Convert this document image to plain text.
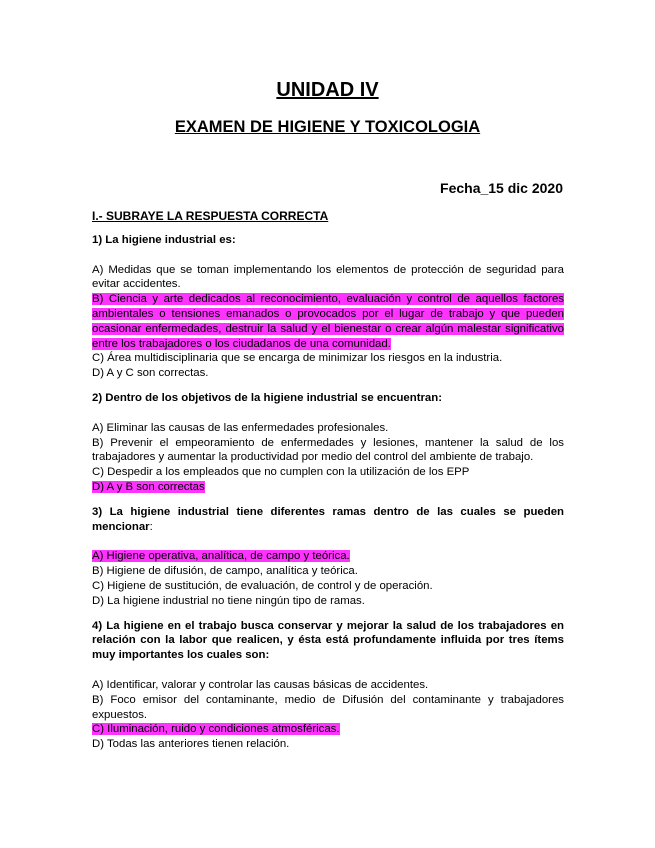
UNIDAD IV
EXAMEN DE HIGIENE Y TOXICOLOGIA
Fecha_15 dic 2020
I.- SUBRAYE LA RESPUESTA CORRECTA
1) La higiene industrial es:
A) Medidas que se toman implementando los elementos de protección de seguridad para evitar accidentes.
B) Ciencia y arte dedicados al reconocimiento, evaluación y control de aquellos factores ambientales o tensiones emanados o provocados por el lugar de trabajo y que pueden ocasionar enfermedades, destruir la salud y el bienestar o crear algún malestar significativo entre los trabajadores o los ciudadanos de una comunidad.
C) Área multidisciplinaria que se encarga de minimizar los riesgos en la industria.
D) A y C son correctas.
2) Dentro de los objetivos de la higiene industrial se encuentran:
A) Eliminar las causas de las enfermedades profesionales.
B) Prevenir el empeoramiento de enfermedades y lesiones, mantener la salud de los trabajadores y aumentar la productividad por medio del control del ambiente de trabajo.
C) Despedir a los empleados que no cumplen con la utilización de los EPP
D) A y B son correctas
3) La higiene industrial tiene diferentes ramas dentro de las cuales se pueden mencionar:
A) Higiene operativa, analítica, de campo y teórica.
B) Higiene de difusión, de campo, analítica y teórica.
C) Higiene de sustitución, de evaluación, de control y de operación.
D) La higiene industrial no tiene ningún tipo de ramas.
4) La higiene en el trabajo busca conservar y mejorar la salud de los trabajadores en relación con la labor que realicen, y ésta está profundamente influida por tres ítems muy importantes los cuales son:
A) Identificar, valorar y controlar las causas básicas de accidentes.
B) Foco emisor del contaminante, medio de Difusión del contaminante y trabajadores expuestos.
C) Iluminación, ruido y condiciones atmosféricas.
D) Todas las anteriores tienen relación.
